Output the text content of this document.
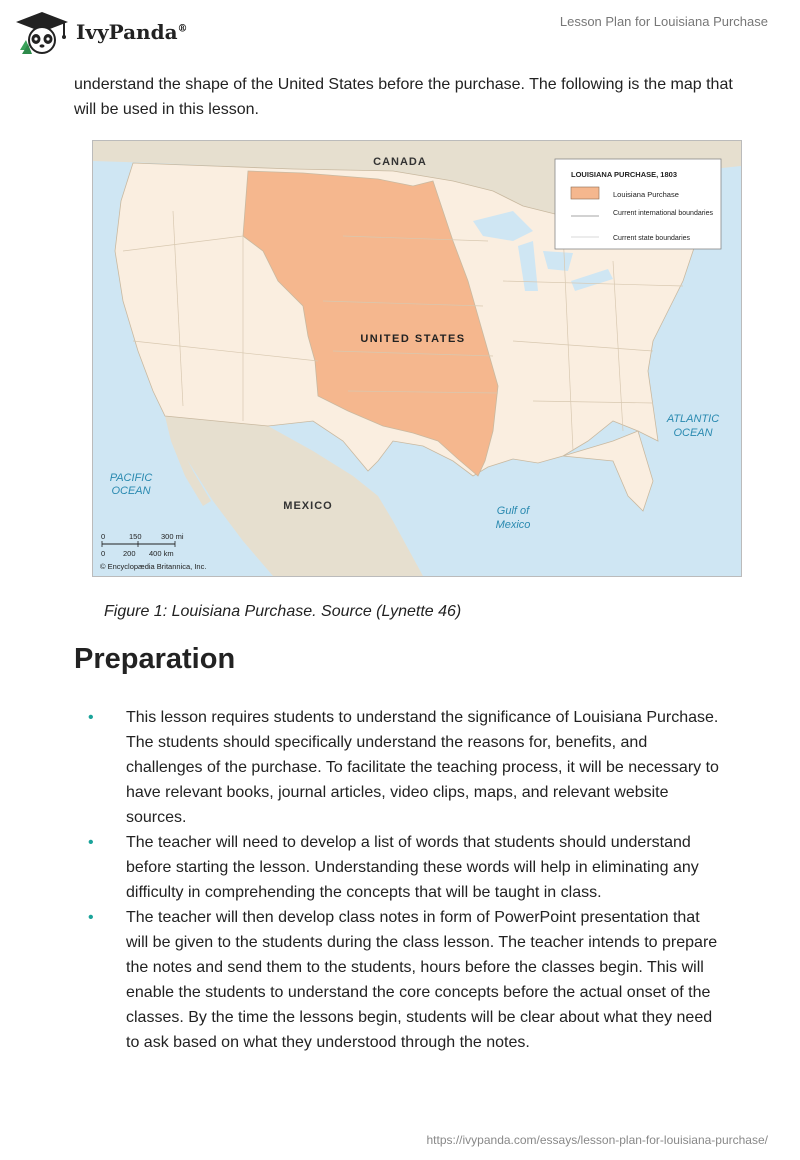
IvyPanda®	Lesson Plan for Louisiana Purchase
understand the shape of the United States before the purchase. The following is the map that will be used in this lesson.
CANADA
UNITED STATES
MEXICO
PACIFIC
OCEAN
ATLANTIC
OCEAN
Gulf of
Mexico
LOUISIANA PURCHASE, 1803
Louisiana Purchase
Current international boundaries
Current state boundaries
0	150	300 mi
0 200 400 km
© Encyclopædia Britannica, Inc.
Figure 1: Louisiana Purchase. Source (Lynette 46)
Preparation
• This lesson requires students to understand the significance of Louisiana Purchase. The students should specifically understand the reasons for, benefits, and challenges of the purchase. To facilitate the teaching process, it will be necessary to have relevant books, journal articles, video clips, maps, and relevant website sources.
• The teacher will need to develop a list of words that students should understand before starting the lesson. Understanding these words will help in eliminating any difficulty in comprehending the concepts that will be taught in class.
• The teacher will then develop class notes in form of PowerPoint presentation that will be given to the students during the class lesson. The teacher intends to prepare the notes and send them to the students, hours before the classes begin. This will enable the students to understand the core concepts before the actual onset of the classes. By the time the lessons begin, students will be clear about what they need to ask based on what they understood through the notes.
https://ivypanda.com/essays/lesson-plan-for-louisiana-purchase/
